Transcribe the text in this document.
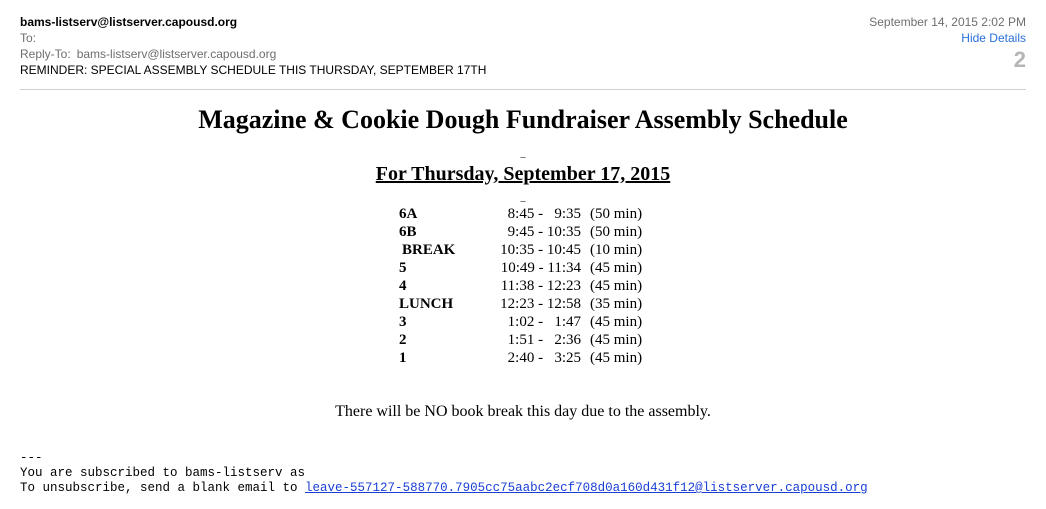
bams-listserv@listserver.capousd.org
To:
Reply-To: bams-listserv@listserver.capousd.org
REMINDER: SPECIAL ASSEMBLY SCHEDULE THIS THURSDAY, SEPTEMBER 17TH
September 14, 2015 2:02 PM
Hide Details
2
Magazine & Cookie Dough Fundraiser Assembly Schedule
_
For Thursday, September 17, 2015
_
6A	8:45 -   9:35 (50 min)
6B	9:45 - 10:35 (50 min)
BREAK	10:35 - 10:45 (10 min)
5	10:49 - 11:34 (45 min)
4	11:38 - 12:23 (45 min)
LUNCH	12:23 - 12:58 (35 min)
3	1:02 -   1:47 (45 min)
2	1:51 -   2:36 (45 min)
1	2:40 -   3:25 (45 min)
There will be NO book break this day due to the assembly.
---
You are subscribed to bams-listserv as
To unsubscribe, send a blank email to leave-557127-588770.7905cc75aabc2ecf708d0a160d431f12@listserver.capousd.org
